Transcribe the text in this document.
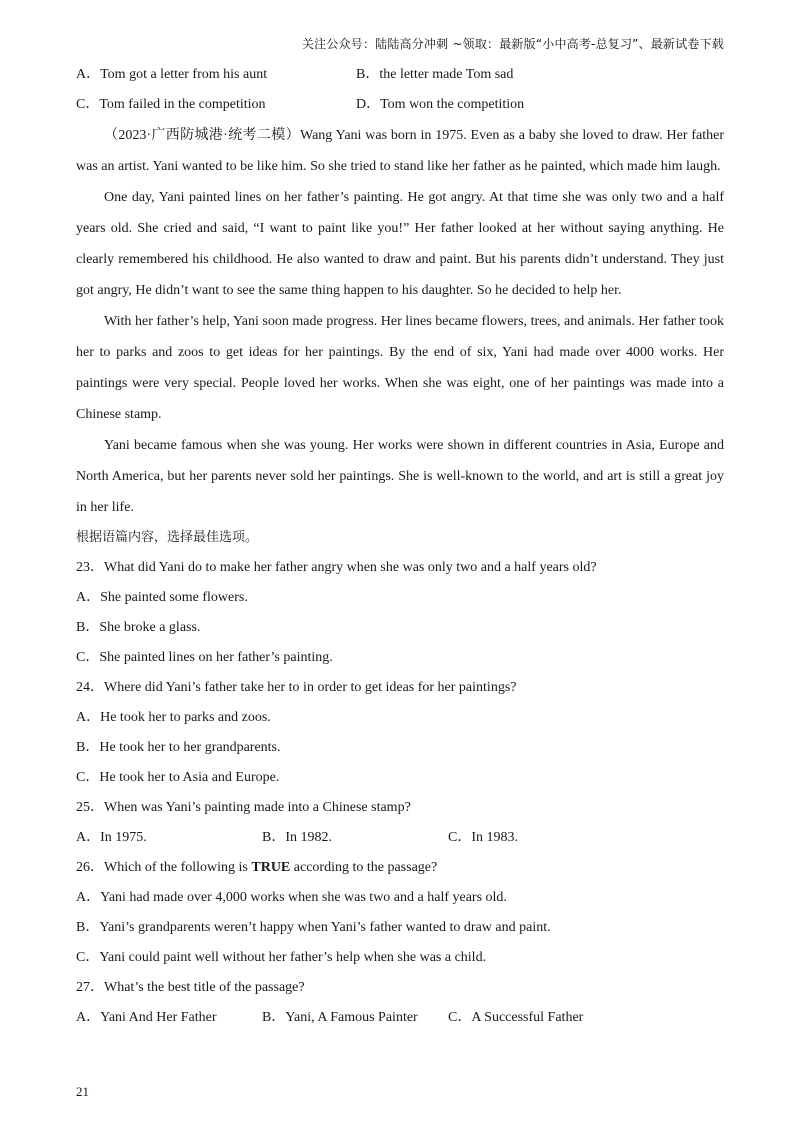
关注公众号：陆陆高分冲刺 ~领取：最新版“小中高考-总复习”、最新试卷下载
A．Tom got a letter from his aunt	B．the letter made Tom sad
C．Tom failed in the competition	D．Tom won the competition

（2023·广西防城港·统考二模）Wang Yani was born in 1975. Even as a baby she loved to draw. Her father was an artist. Yani wanted to be like him. So she tried to stand like her father as he painted, which made him laugh.

One day, Yani painted lines on her father’s painting. He got angry. At that time she was only two and a half years old. She cried and said, “I want to paint like you!” Her father looked at her without saying anything. He clearly remembered his childhood. He also wanted to draw and paint. But his parents didn’t understand. They just got angry, He didn’t want to see the same thing happen to his daughter. So he decided to help her.

With her father’s help, Yani soon made progress. Her lines became flowers, trees, and animals. Her father took her to parks and zoos to get ideas for her paintings. By the end of six, Yani had made over 4000 works. Her paintings were very special. People loved her works. When she was eight, one of her paintings was made into a Chinese stamp.

Yani became famous when she was young. Her works were shown in different countries in Asia, Europe and North America, but her parents never sold her paintings. She is well-known to the world, and art is still a great joy in her life.

根据语篇内容，选择最佳选项。
23．What did Yani do to make her father angry when she was only two and a half years old?
A．She painted some flowers.
B．She broke a glass.
C．She painted lines on her father’s painting.
24．Where did Yani’s father take her to in order to get ideas for her paintings?
A．He took her to parks and zoos.
B．He took her to her grandparents.
C．He took her to Asia and Europe.
25．When was Yani’s painting made into a Chinese stamp?
A．In 1975.	B．In 1982.	C．In 1983.
26．Which of the following is TRUE according to the passage?
A．Yani had made over 4,000 works when she was two and a half years old.
B．Yani’s grandparents weren’t happy when Yani’s father wanted to draw and paint.
C．Yani could paint well without her father’s help when she was a child.
27．What’s the best title of the passage?
A．Yani And Her Father	B．Yani, A Famous Painter	C．A Successful Father
21
